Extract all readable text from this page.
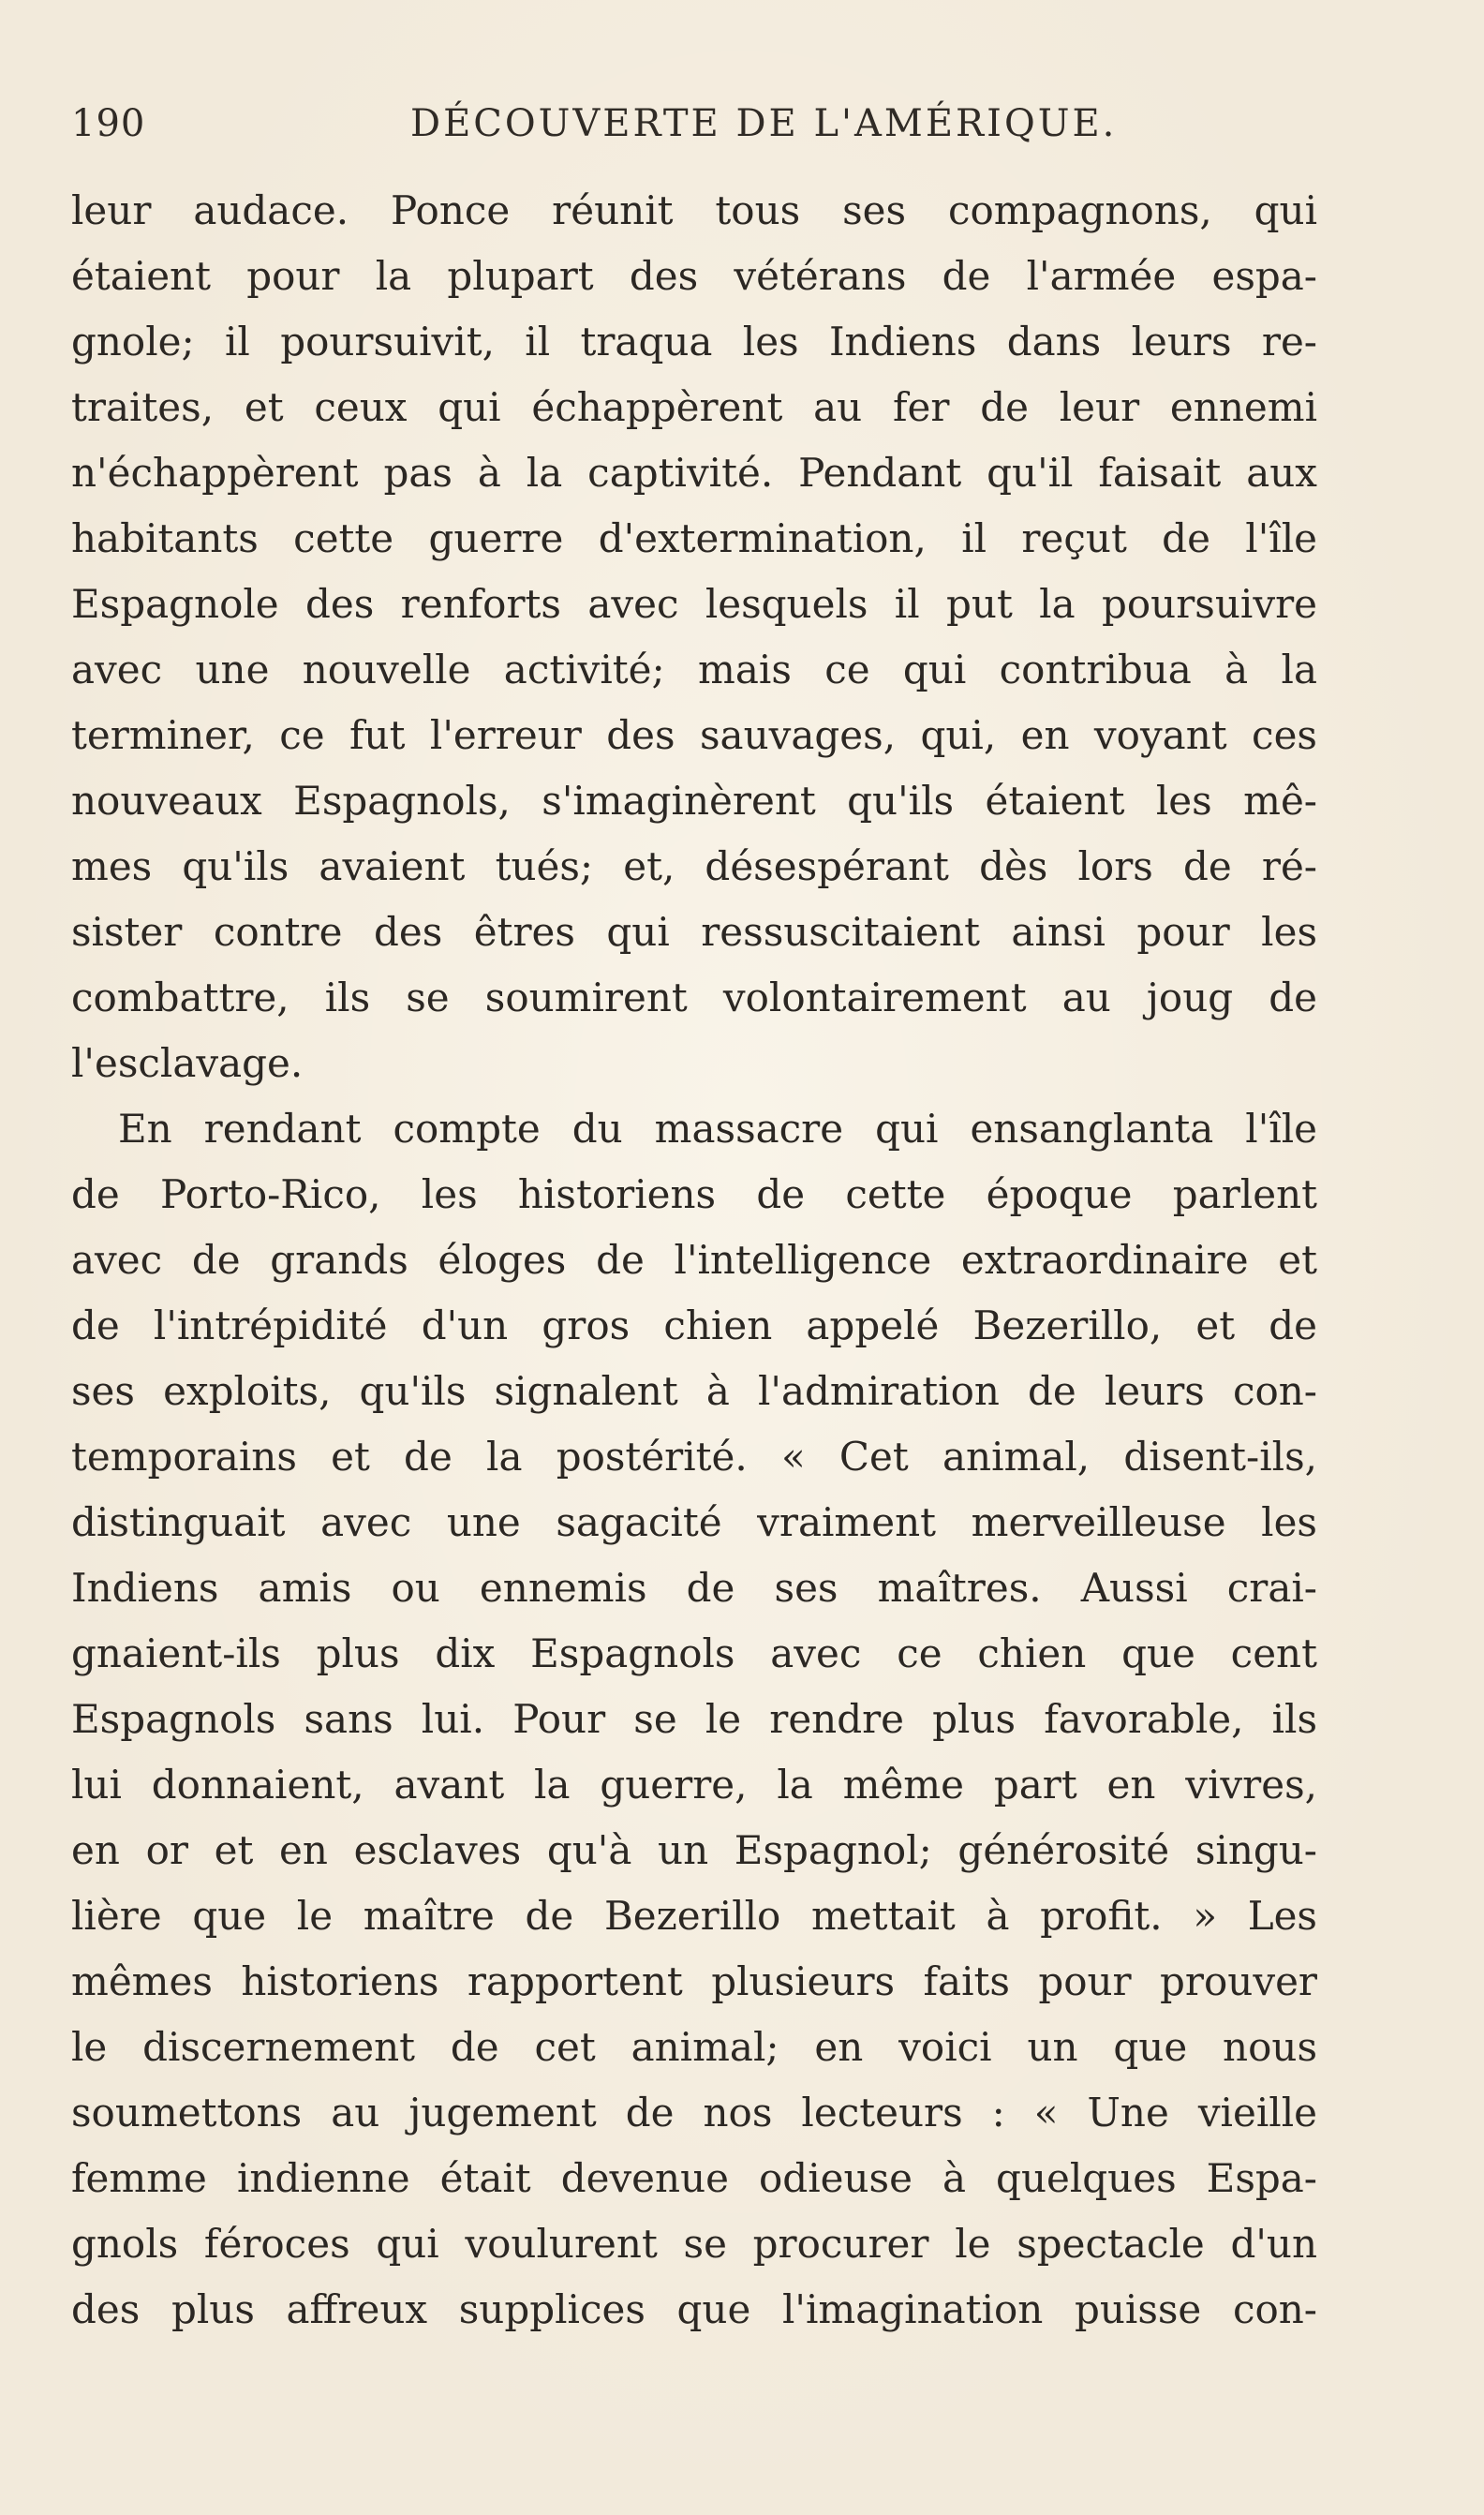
190	DÉCOUVERTE DE L'AMÉRIQUE.
leur audace. Ponce réunit tous ses compagnons, qui
étaient pour la plupart des vétérans de l'armée espa-
gnole; il poursuivit, il traqua les Indiens dans leurs re-
traites, et ceux qui échappèrent au fer de leur ennemi
n'échappèrent pas à la captivité. Pendant qu'il faisait aux
habitants cette guerre d'extermination, il reçut de l'île
Espagnole des renforts avec lesquels il put la poursuivre
avec une nouvelle activité; mais ce qui contribua à la
terminer, ce fut l'erreur des sauvages, qui, en voyant ces
nouveaux Espagnols, s'imaginèrent qu'ils étaient les mê-
mes qu'ils avaient tués; et, désespérant dès lors de ré-
sister contre des êtres qui ressuscitaient ainsi pour les
combattre, ils se soumirent volontairement au joug de
l'esclavage.
En rendant compte du massacre qui ensanglanta l'île
de Porto-Rico, les historiens de cette époque parlent
avec de grands éloges de l'intelligence extraordinaire et
de l'intrépidité d'un gros chien appelé Bezerillo, et de
ses exploits, qu'ils signalent à l'admiration de leurs con-
temporains et de la postérité. « Cet animal, disent-ils,
distinguait avec une sagacité vraiment merveilleuse les
Indiens amis ou ennemis de ses maîtres. Aussi crai-
gnaient-ils plus dix Espagnols avec ce chien que cent
Espagnols sans lui. Pour se le rendre plus favorable, ils
lui donnaient, avant la guerre, la même part en vivres,
en or et en esclaves qu'à un Espagnol; générosité singu-
lière que le maître de Bezerillo mettait à profit. » Les
mêmes historiens rapportent plusieurs faits pour prouver
le discernement de cet animal; en voici un que nous
soumettons au jugement de nos lecteurs : « Une vieille
femme indienne était devenue odieuse à quelques Espa-
gnols féroces qui voulurent se procurer le spectacle d'un
des plus affreux supplices que l'imagination puisse con-
